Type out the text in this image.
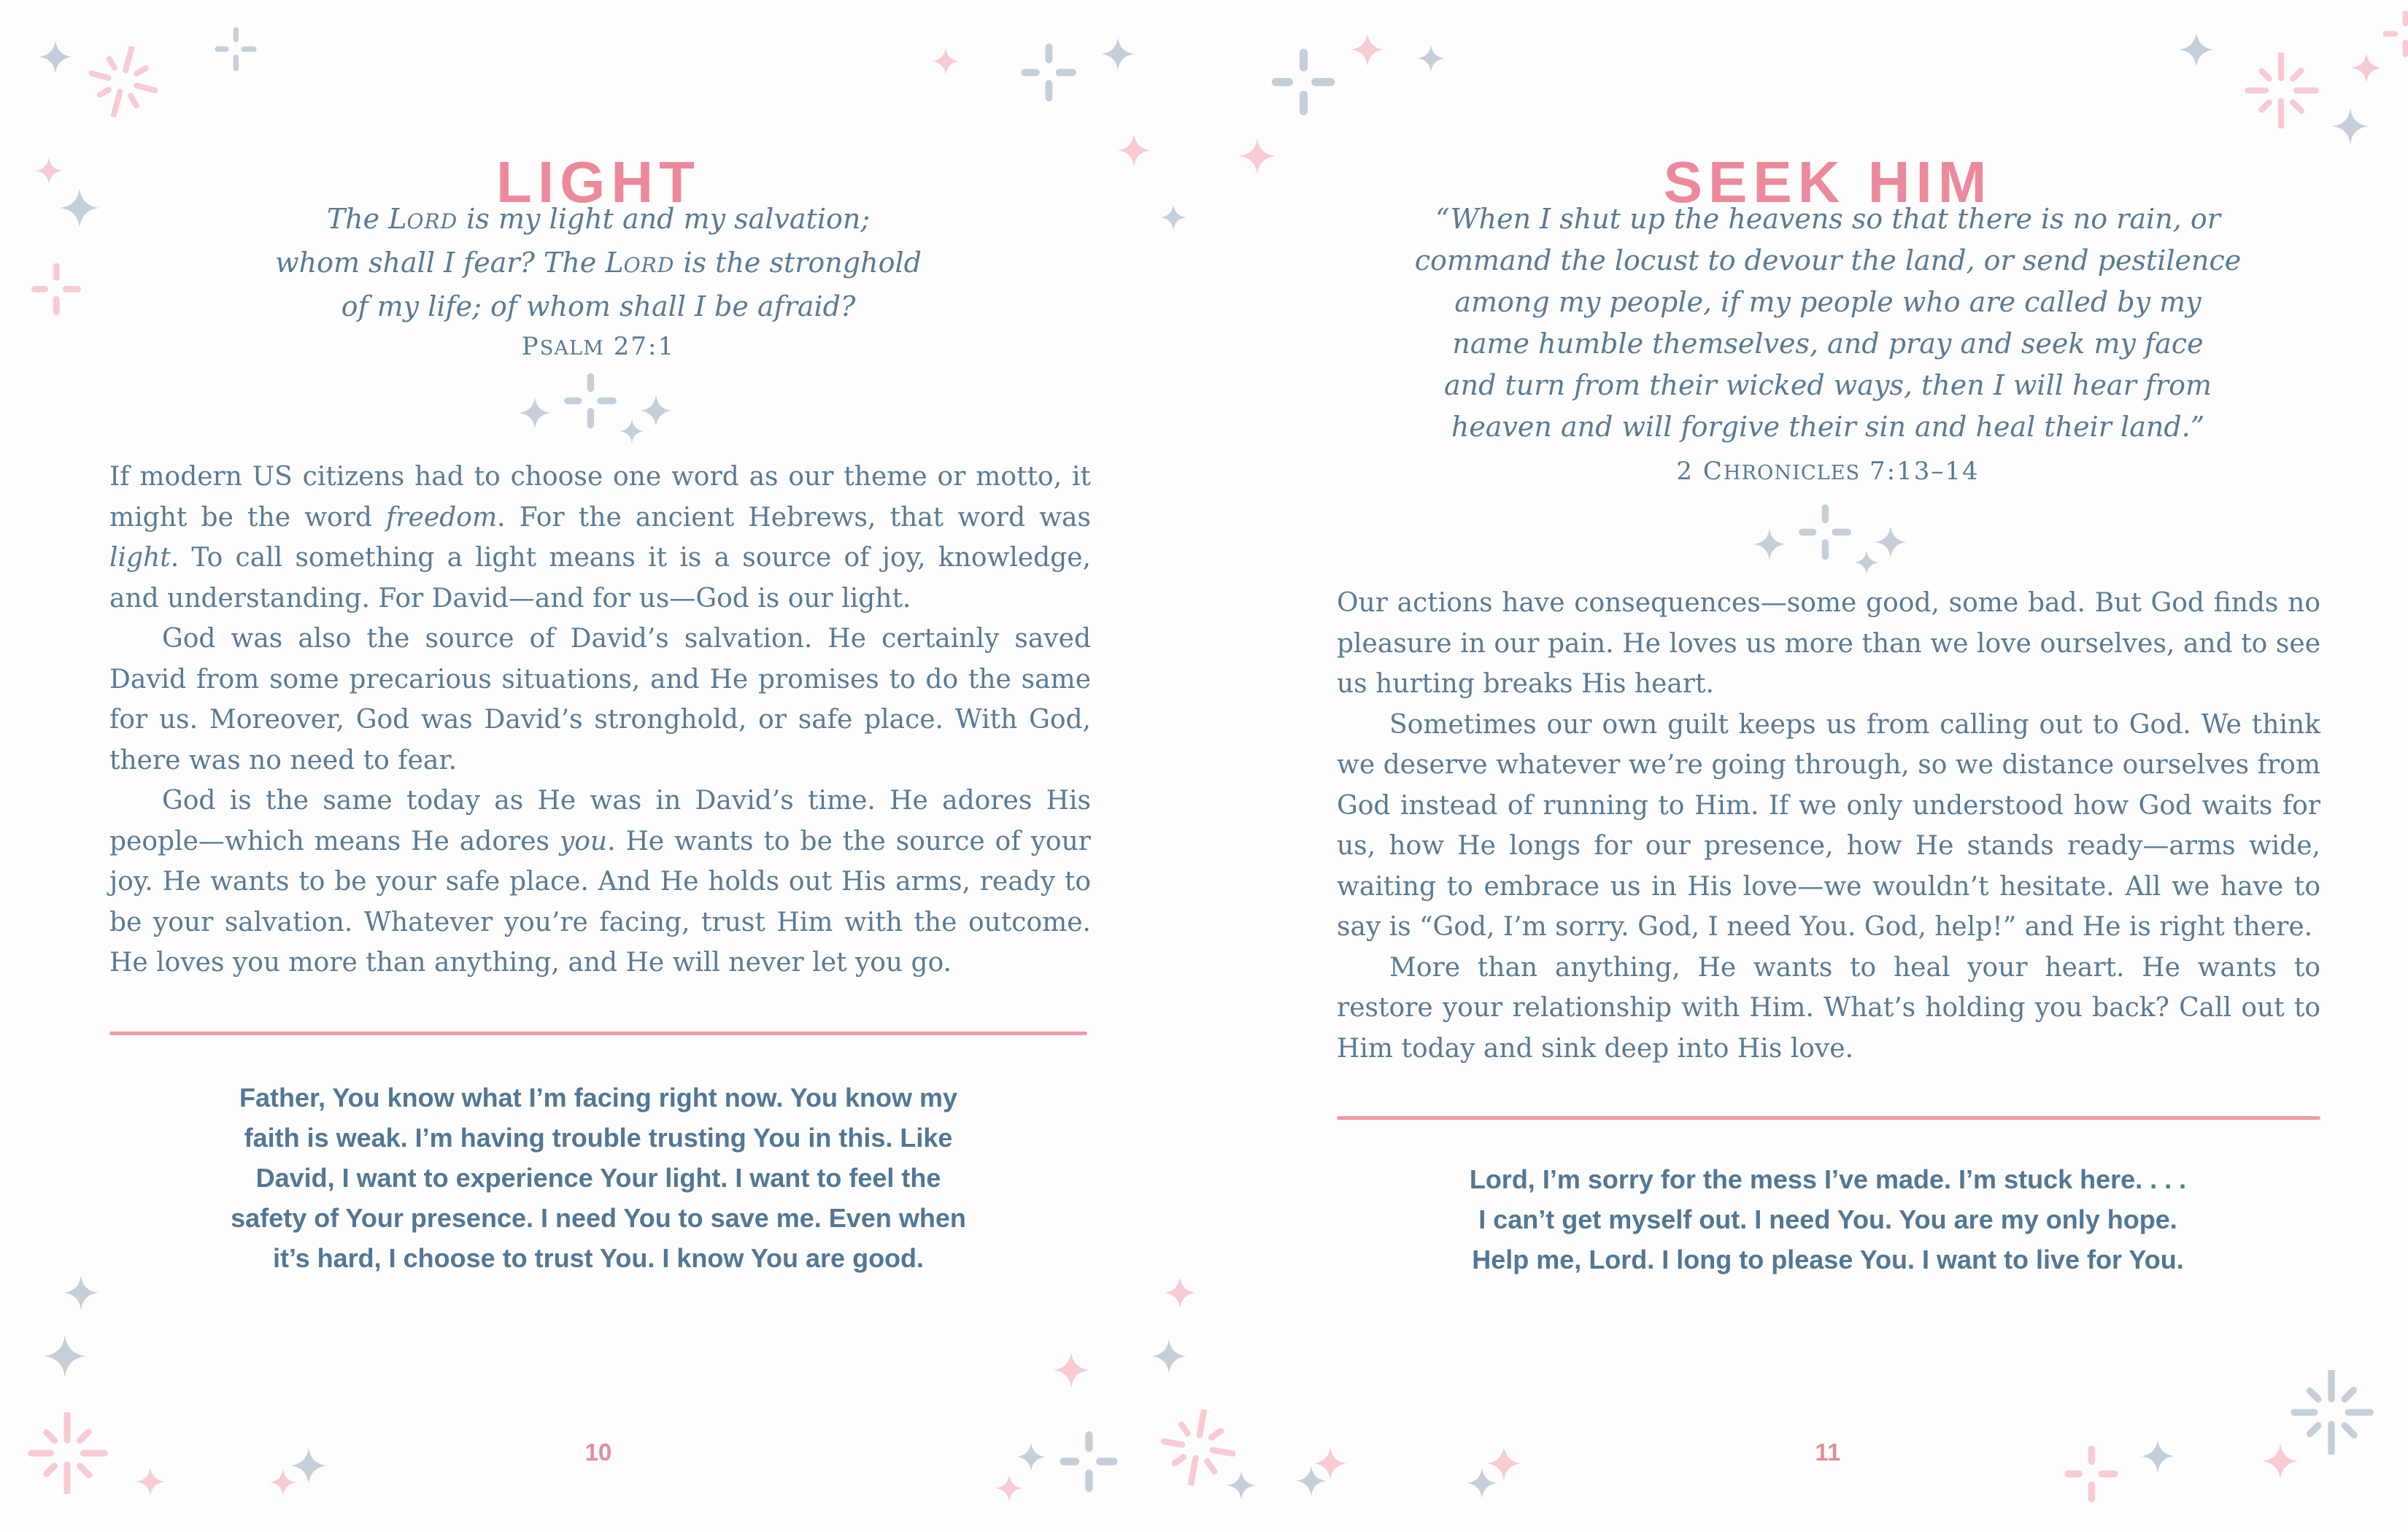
LIGHT
The LORD is my light and my salvation;
whom shall I fear? The LORD is the stronghold
of my life; of whom shall I be afraid?
PSALM 27:1

If modern US citizens had to choose one word as our theme or motto, it might be the word freedom. For the ancient Hebrews, that word was light. To call something a light means it is a source of joy, knowledge, and understanding. For David—and for us—God is our light.

God was also the source of David’s salvation. He certainly saved David from some precarious situations, and He promises to do the same for us. Moreover, God was David’s stronghold, or safe place. With God, there was no need to fear.

God is the same today as He was in David’s time. He adores His people—which means He adores you. He wants to be the source of your joy. He wants to be your safe place. And He holds out His arms, ready to be your salvation. Whatever you’re facing, trust Him with the outcome. He loves you more than anything, and He will never let you go.

Father, You know what I’m facing right now. You know my
faith is weak. I’m having trouble trusting You in this. Like
David, I want to experience Your light. I want to feel the
safety of Your presence. I need You to save me. Even when
it’s hard, I choose to trust You. I know You are good.
10
SEEK HIM
“When I shut up the heavens so that there is no rain, or
command the locust to devour the land, or send pestilence
among my people, if my people who are called by my
name humble themselves, and pray and seek my face
and turn from their wicked ways, then I will hear from
heaven and will forgive their sin and heal their land.”
2 CHRONICLES 7:13–14

Our actions have consequences—some good, some bad. But God finds no pleasure in our pain. He loves us more than we love ourselves, and to see us hurting breaks His heart.

Sometimes our own guilt keeps us from calling out to God. We think we deserve whatever we’re going through, so we distance ourselves from God instead of running to Him. If we only understood how God waits for us, how He longs for our presence, how He stands ready—arms wide, waiting to embrace us in His love—we wouldn’t hesitate. All we have to say is “God, I’m sorry. God, I need You. God, help!” and He is right there.

More than anything, He wants to heal your heart. He wants to restore your relationship with Him. What’s holding you back? Call out to Him today and sink deep into His love.

Lord, I’m sorry for the mess I’ve made. I’m stuck here. . . .
I can’t get myself out. I need You. You are my only hope.
Help me, Lord. I long to please You. I want to live for You.
11
